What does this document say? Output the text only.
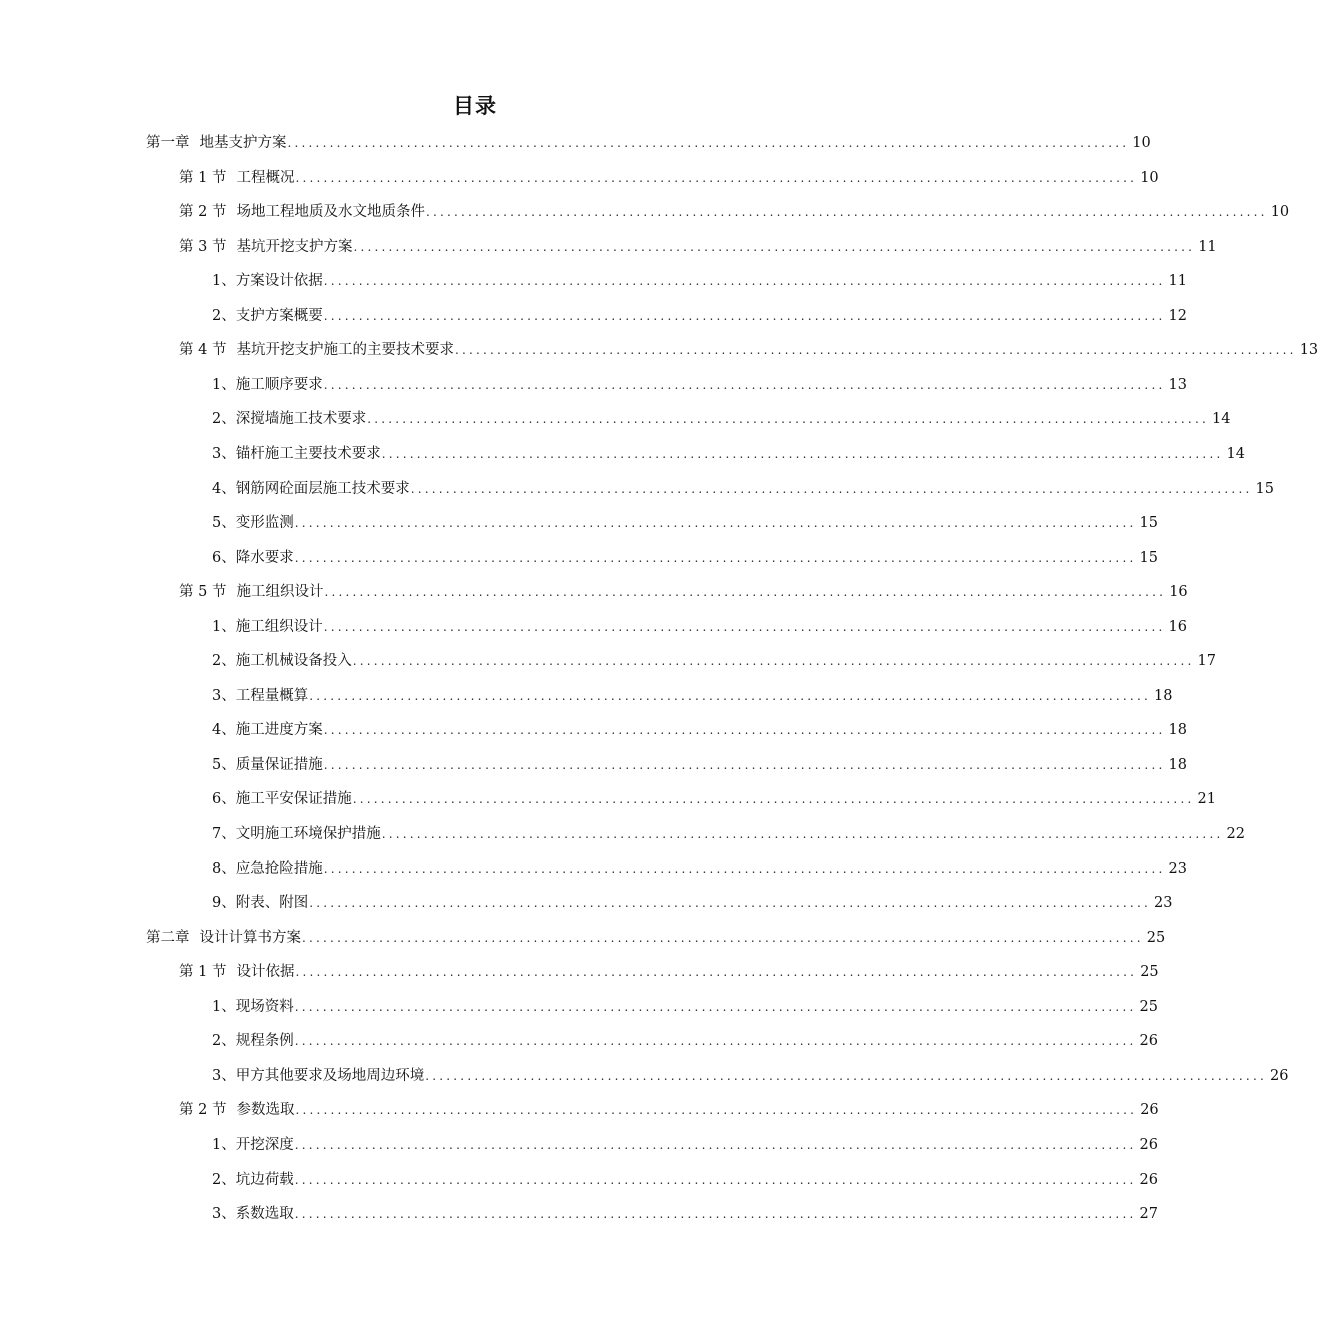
目录
第一章 地基支护方案 ........................................................................................................................ 10
第 1 节 工程概况 ........................................................................................................................ 10
第 2 节 场地工程地质及水文地质条件 ........................................................................................................................ 10
第 3 节 基坑开挖支护方案 ........................................................................................................................ 11
1、 方案设计依据 ........................................................................................................................ 11
2、 支护方案概要 ........................................................................................................................ 12
第 4 节 基坑开挖支护施工的主要技术要求 ........................................................................................................................ 13
1、 施工顺序要求 ........................................................................................................................ 13
2、 深搅墙施工技术要求 ........................................................................................................................ 14
3、 锚杆施工主要技术要求 ........................................................................................................................ 14
4、 钢筋网砼面层施工技术要求 ........................................................................................................................ 15
5、 变形监测 ........................................................................................................................ 15
6、 降水要求 ........................................................................................................................ 15
第 5 节 施工组织设计 ........................................................................................................................ 16
1、 施工组织设计 ........................................................................................................................ 16
2、 施工机械设备投入 ........................................................................................................................ 17
3、 工程量概算 ........................................................................................................................ 18
4、 施工进度方案 ........................................................................................................................ 18
5、 质量保证措施 ........................................................................................................................ 18
6、 施工平安保证措施 ........................................................................................................................ 21
7、 文明施工环境保护措施 ........................................................................................................................ 22
8、 应急抢险措施 ........................................................................................................................ 23
9、 附表、附图 ........................................................................................................................ 23
第二章 设计计算书方案 ........................................................................................................................ 25
第 1 节 设计依据 ........................................................................................................................ 25
1、 现场资料 ........................................................................................................................ 25
2、 规程条例 ........................................................................................................................ 26
3、 甲方其他要求及场地周边环境 ........................................................................................................................ 26
第 2 节 参数选取 ........................................................................................................................ 26
1、 开挖深度 ........................................................................................................................ 26
2、 坑边荷载 ........................................................................................................................ 26
3、 系数选取 ........................................................................................................................ 27
